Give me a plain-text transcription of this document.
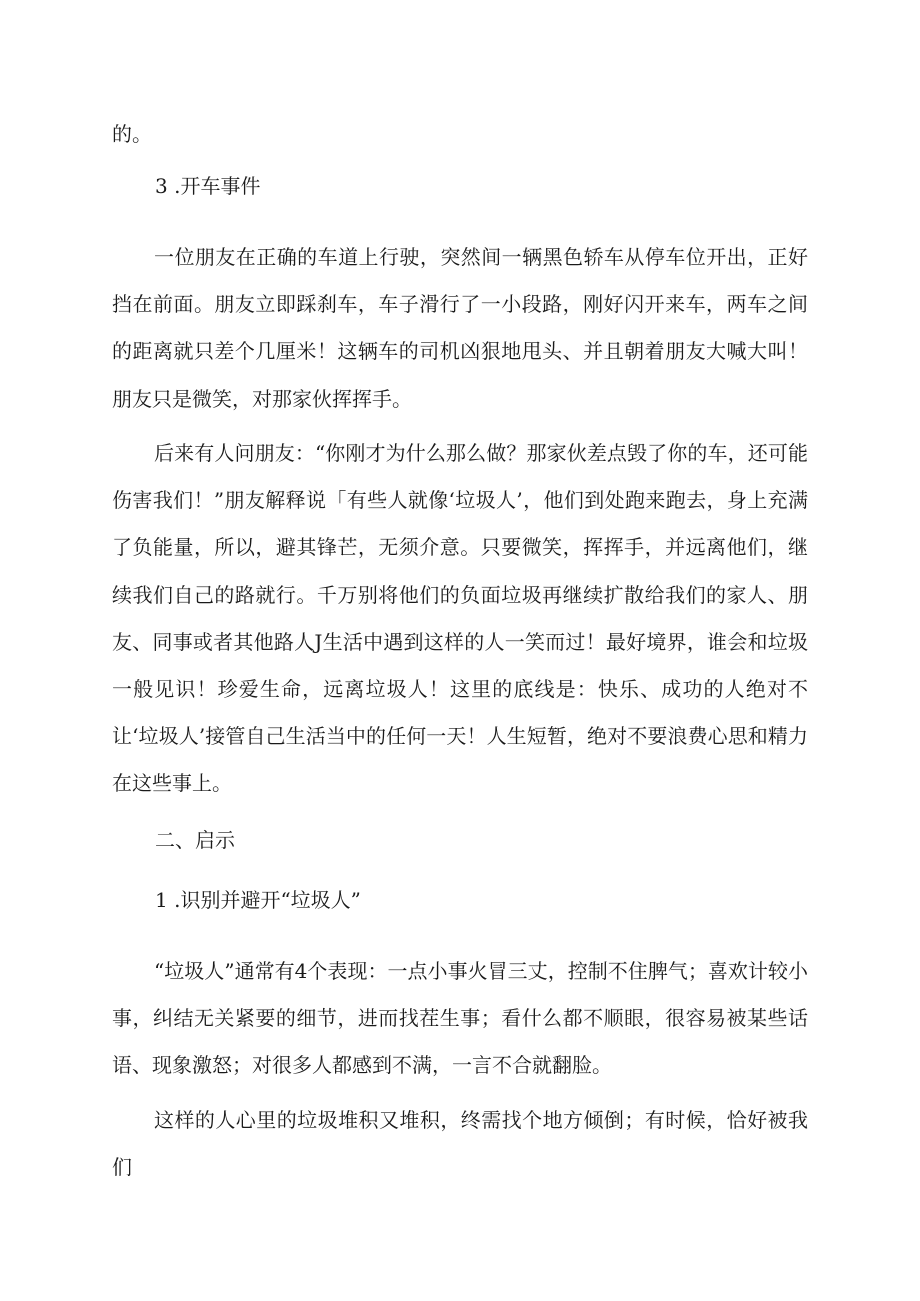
的。

3 .开车事件

一位朋友在正确的车道上行驶，突然间一辆黑色轿车从停车位开出，正好挡在前面。朋友立即踩刹车，车子滑行了一小段路，刚好闪开来车，两车之间的距离就只差个几厘米！这辆车的司机凶狠地甩头、并且朝着朋友大喊大叫！朋友只是微笑，对那家伙挥挥手。

后来有人问朋友：“你刚才为什么那么做？那家伙差点毁了你的车，还可能伤害我们！”朋友解释说「有些人就像‘垃圾人’，他们到处跑来跑去，身上充满了负能量，所以，避其锋芒，无须介意。只要微笑，挥挥手，并远离他们，继续我们自己的路就行。千万别将他们的负面垃圾再继续扩散给我们的家人、朋友、同事或者其他路人J生活中遇到这样的人一笑而过！最好境界，谁会和垃圾一般见识！珍爱生命，远离垃圾人！这里的底线是：快乐、成功的人绝对不让‘垃圾人’接管自己生活当中的任何一天！人生短暂，绝对不要浪费心思和精力在这些事上。

二、启示

1 .识别并避开“垃圾人”

“垃圾人”通常有4个表现：一点小事火冒三丈，控制不住脾气；喜欢计较小事，纠结无关紧要的细节，进而找茬生事；看什么都不顺眼，很容易被某些话语、现象激怒；对很多人都感到不满，一言不合就翻脸。

这样的人心里的垃圾堆积又堆积，终需找个地方倾倒；有时候，恰好被我们
